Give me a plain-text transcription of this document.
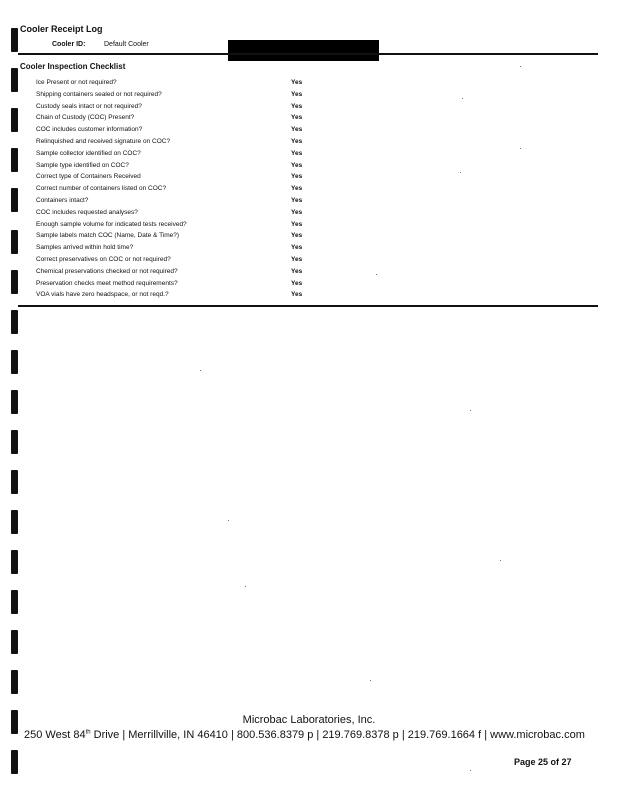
Cooler Receipt Log
Cooler ID:	Default Cooler
Cooler Inspection Checklist
Ice Present or not required?	Yes
Shipping containers sealed or not required?	Yes
Custody seals intact or not required?	Yes
Chain of Custody (COC) Present?	Yes
COC includes customer information?	Yes
Relinquished and received signature on COC?	Yes
Sample collector identified on COC?	Yes
Sample type identified on COC?	Yes
Correct type of Containers Received	Yes
Correct number of containers listed on COC?	Yes
Containers intact?	Yes
COC includes requested analyses?	Yes
Enough sample volume for indicated tests received?	Yes
Sample labels match COC (Name, Date & Time?)	Yes
Samples arrived within hold time?	Yes
Correct preservatives on COC or not required?	Yes
Chemical preservations checked or not required?	Yes
Preservation checks meet method requirements?	Yes
VOA vials have zero headspace, or not reqd.?	Yes
Microbac Laboratories, Inc.
250 West 84th Drive | Merrillville, IN 46410 | 800.536.8379 p | 219.769.8378 p | 219.769.1664 f | www.microbac.com
Page 25 of 27
